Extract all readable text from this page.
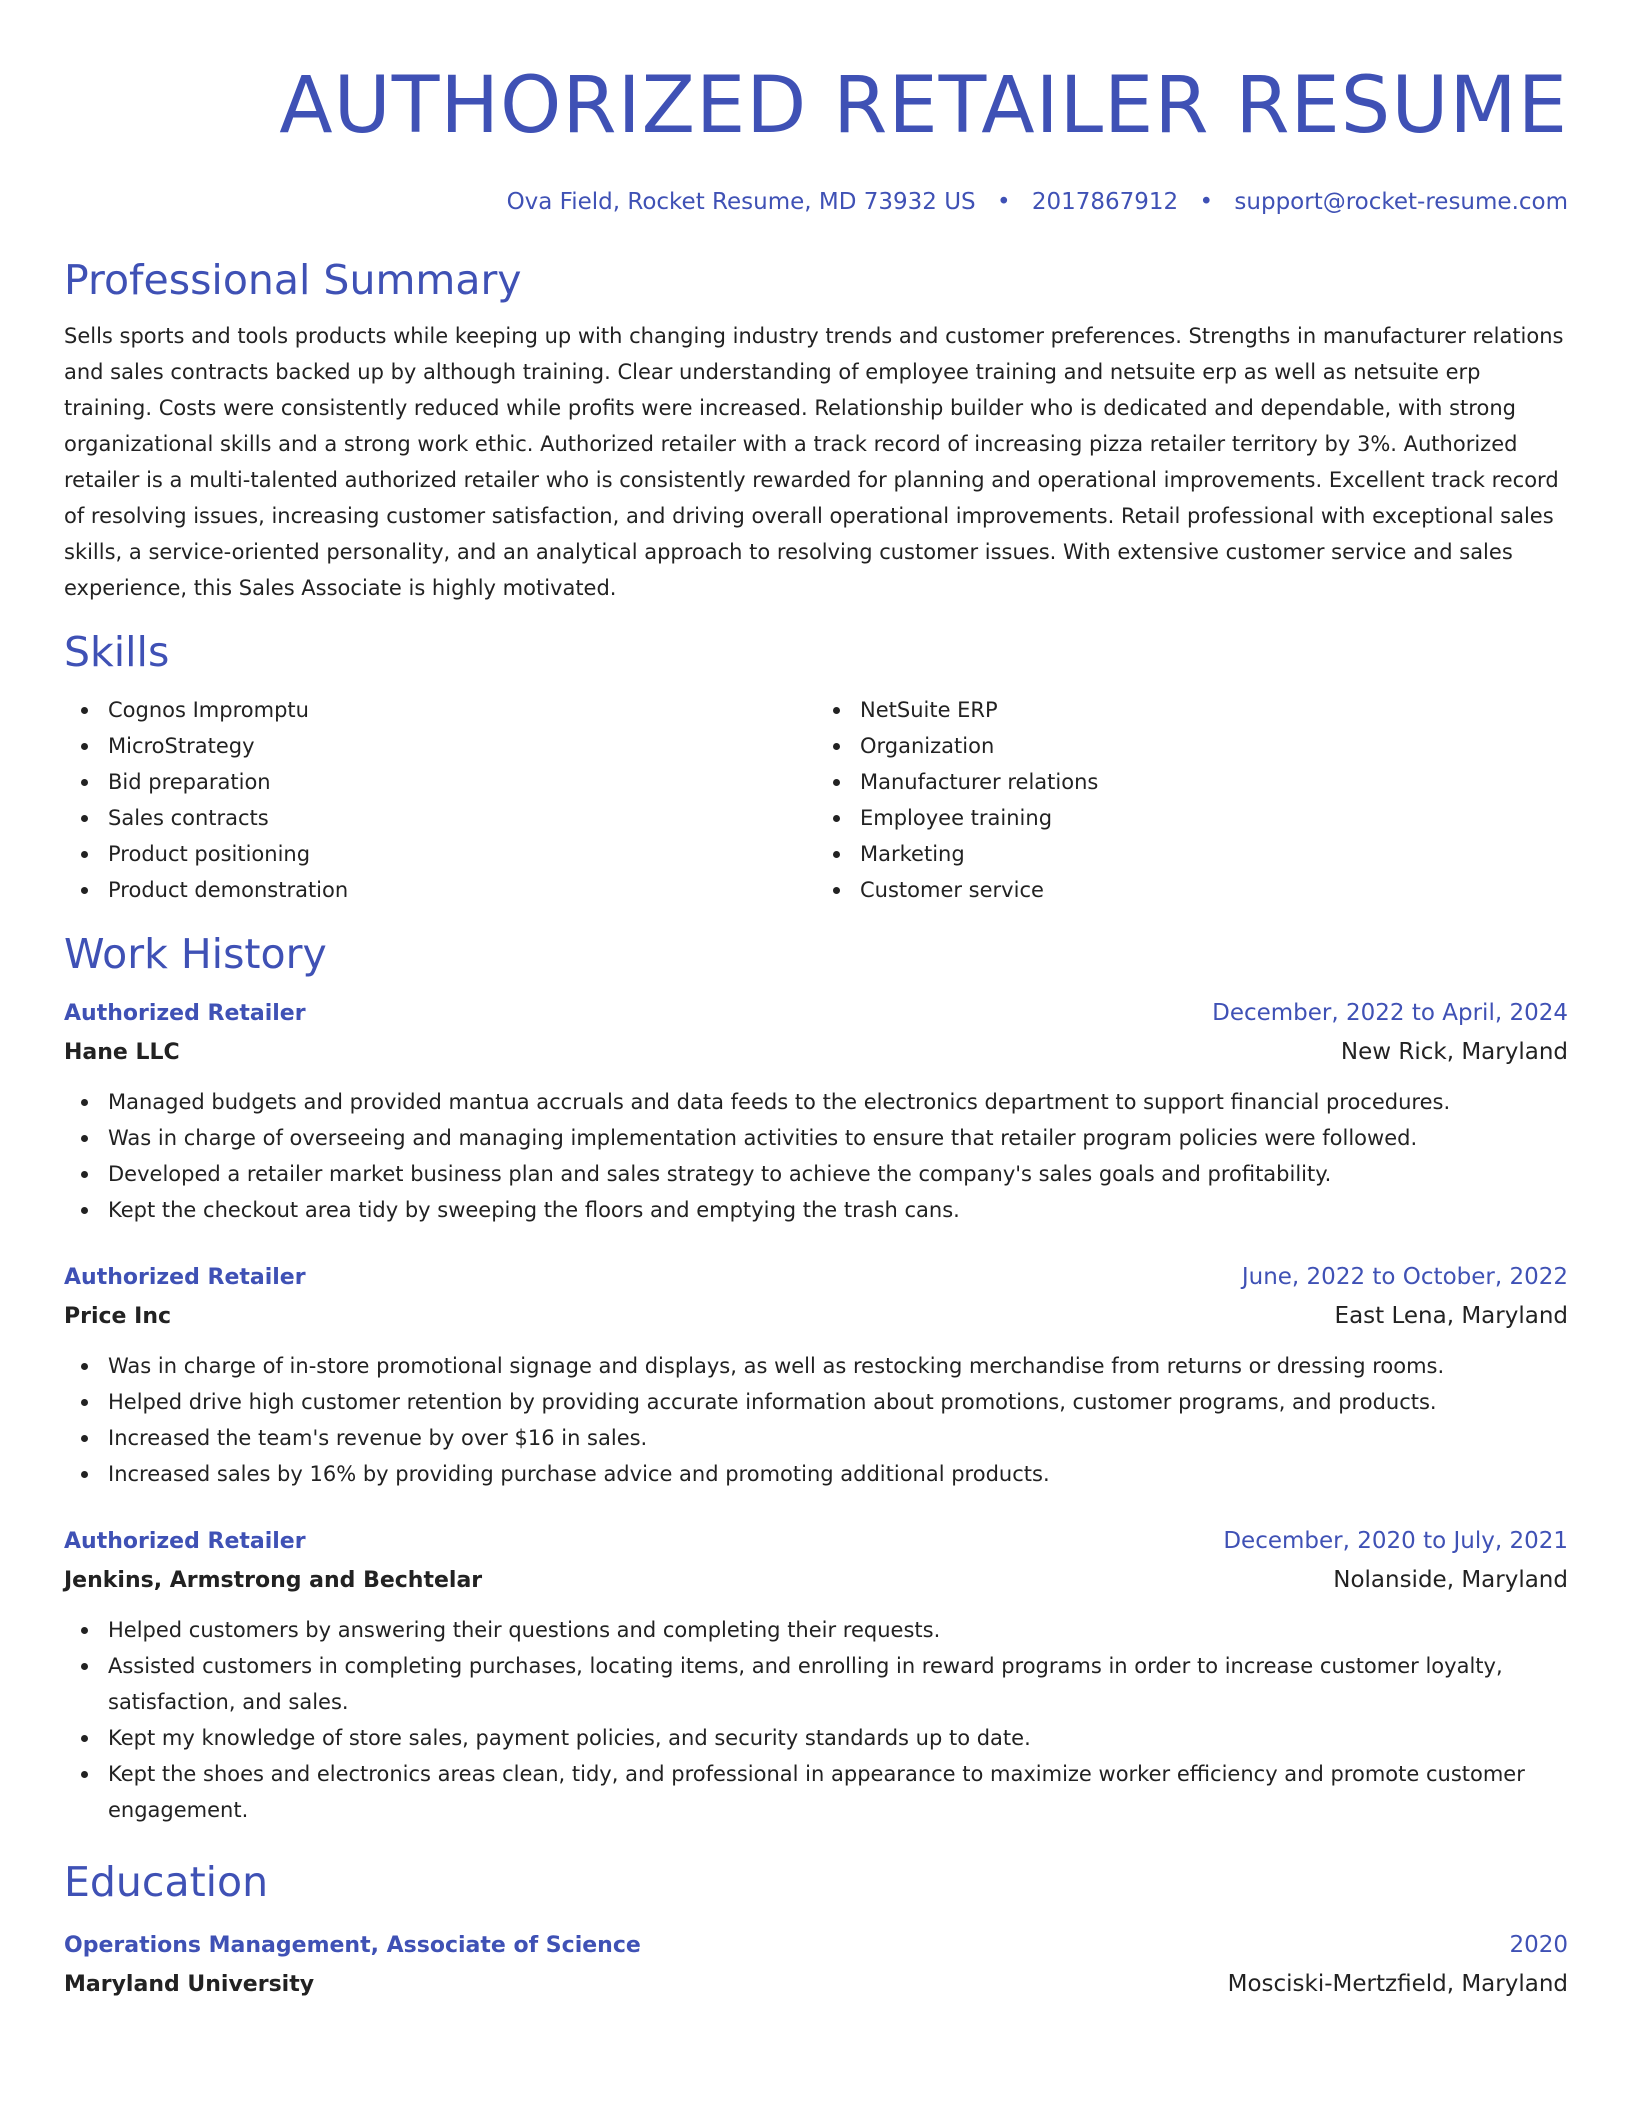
AUTHORIZED RETAILER RESUME
Ova Field, Rocket Resume, MD 73932 US • 2017867912 • support@rocket-resume.com
Professional Summary
Sells sports and tools products while keeping up with changing industry trends and customer preferences. Strengths in manufacturer relations and sales contracts backed up by although training. Clear understanding of employee training and netsuite erp as well as netsuite erp training. Costs were consistently reduced while profits were increased. Relationship builder who is dedicated and dependable, with strong organizational skills and a strong work ethic. Authorized retailer with a track record of increasing pizza retailer territory by 3%. Authorized retailer is a multi-talented authorized retailer who is consistently rewarded for planning and operational improvements. Excellent track record of resolving issues, increasing customer satisfaction, and driving overall operational improvements. Retail professional with exceptional sales skills, a service-oriented personality, and an analytical approach to resolving customer issues. With extensive customer service and sales experience, this Sales Associate is highly motivated.
Skills
Cognos Impromptu
MicroStrategy
Bid preparation
Sales contracts
Product positioning
Product demonstration
NetSuite ERP
Organization
Manufacturer relations
Employee training
Marketing
Customer service
Work History
Authorized Retailer	December, 2022 to April, 2024
Hane LLC	New Rick, Maryland
Managed budgets and provided mantua accruals and data feeds to the electronics department to support financial procedures.
Was in charge of overseeing and managing implementation activities to ensure that retailer program policies were followed.
Developed a retailer market business plan and sales strategy to achieve the company's sales goals and profitability.
Kept the checkout area tidy by sweeping the floors and emptying the trash cans.
Authorized Retailer	June, 2022 to October, 2022
Price Inc	East Lena, Maryland
Was in charge of in-store promotional signage and displays, as well as restocking merchandise from returns or dressing rooms.
Helped drive high customer retention by providing accurate information about promotions, customer programs, and products.
Increased the team's revenue by over $16 in sales.
Increased sales by 16% by providing purchase advice and promoting additional products.
Authorized Retailer	December, 2020 to July, 2021
Jenkins, Armstrong and Bechtelar	Nolanside, Maryland
Helped customers by answering their questions and completing their requests.
Assisted customers in completing purchases, locating items, and enrolling in reward programs in order to increase customer loyalty, satisfaction, and sales.
Kept my knowledge of store sales, payment policies, and security standards up to date.
Kept the shoes and electronics areas clean, tidy, and professional in appearance to maximize worker efficiency and promote customer engagement.
Education
Operations Management, Associate of Science	2020
Maryland University	Mosciski-Mertzfield, Maryland
